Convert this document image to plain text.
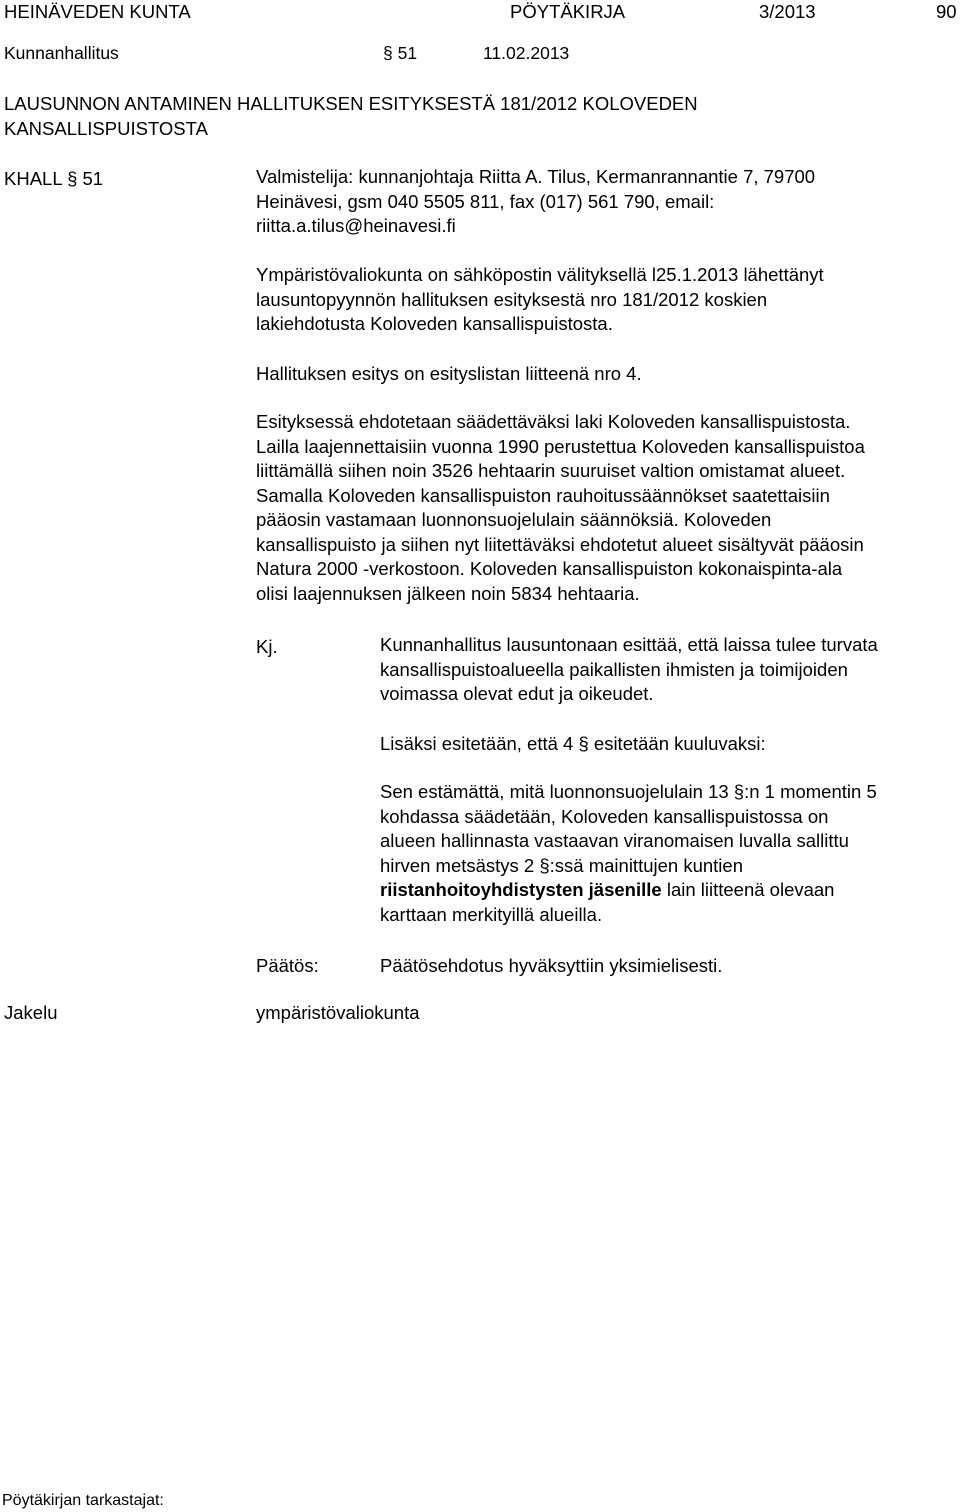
HEINÄVEDEN KUNTA	PÖYTÄKIRJA	3/2013	90
Kunnanhallitus	§ 51	11.02.2013
LAUSUNNON ANTAMINEN HALLITUKSEN ESITYKSESTÄ 181/2012 KOLOVEDEN
KANSALLISPUISTOSTA
KHALL § 51	Valmistelija: kunnanjohtaja Riitta A. Tilus, Kermanrannantie 7, 79700
Heinävesi, gsm 040 5505 811, fax (017) 561 790, email:
riitta.a.tilus@heinavesi.fi
Ympäristövaliokunta on sähköpostin välityksellä l25.1.2013 lähettänyt
lausuntopyynnön hallituksen esityksestä nro 181/2012 koskien
lakiehdotusta Koloveden kansallispuistosta.
Hallituksen esitys on esityslistan liitteenä nro 4.
Esityksessä ehdotetaan säädettäväksi laki Koloveden kansallispuistosta.
Lailla laajennettaisiin vuonna 1990 perustettua Koloveden kansallispuistoa
liittämällä siihen noin 3526 hehtaarin suuruiset valtion omistamat alueet.
Samalla Koloveden kansallispuiston rauhoitussäännökset saatettaisiin
pääosin vastamaan luonnonsuojelulain säännöksiä. Koloveden
kansallispuisto ja siihen nyt liitettäväksi ehdotetut alueet sisältyvät pääosin
Natura 2000 -verkostoon. Koloveden kansallispuiston kokonaispinta-ala
olisi laajennuksen jälkeen noin 5834 hehtaaria.
Kj.	Kunnanhallitus lausuntonaan esittää, että laissa tulee turvata
kansallispuistoalueella paikallisten ihmisten ja toimijoiden
voimassa olevat edut ja oikeudet.
Lisäksi esitetään, että 4 § esitetään kuuluvaksi:
Sen estämättä, mitä luonnonsuojelulain 13 §:n 1 momentin 5
kohdassa säädetään, Koloveden kansallispuistossa on
alueen hallinnasta vastaavan viranomaisen luvalla sallittu
hirven metsästys 2 §:ssä mainittujen kuntien
riistanhoitoyhdistysten jäsenille lain liitteenä olevaan
karttaan merkityillä alueilla.
Päätös:	Päätösehdotus hyväksyttiin yksimielisesti.
Jakelu	ympäristövaliokunta
Pöytäkirjan tarkastajat:
